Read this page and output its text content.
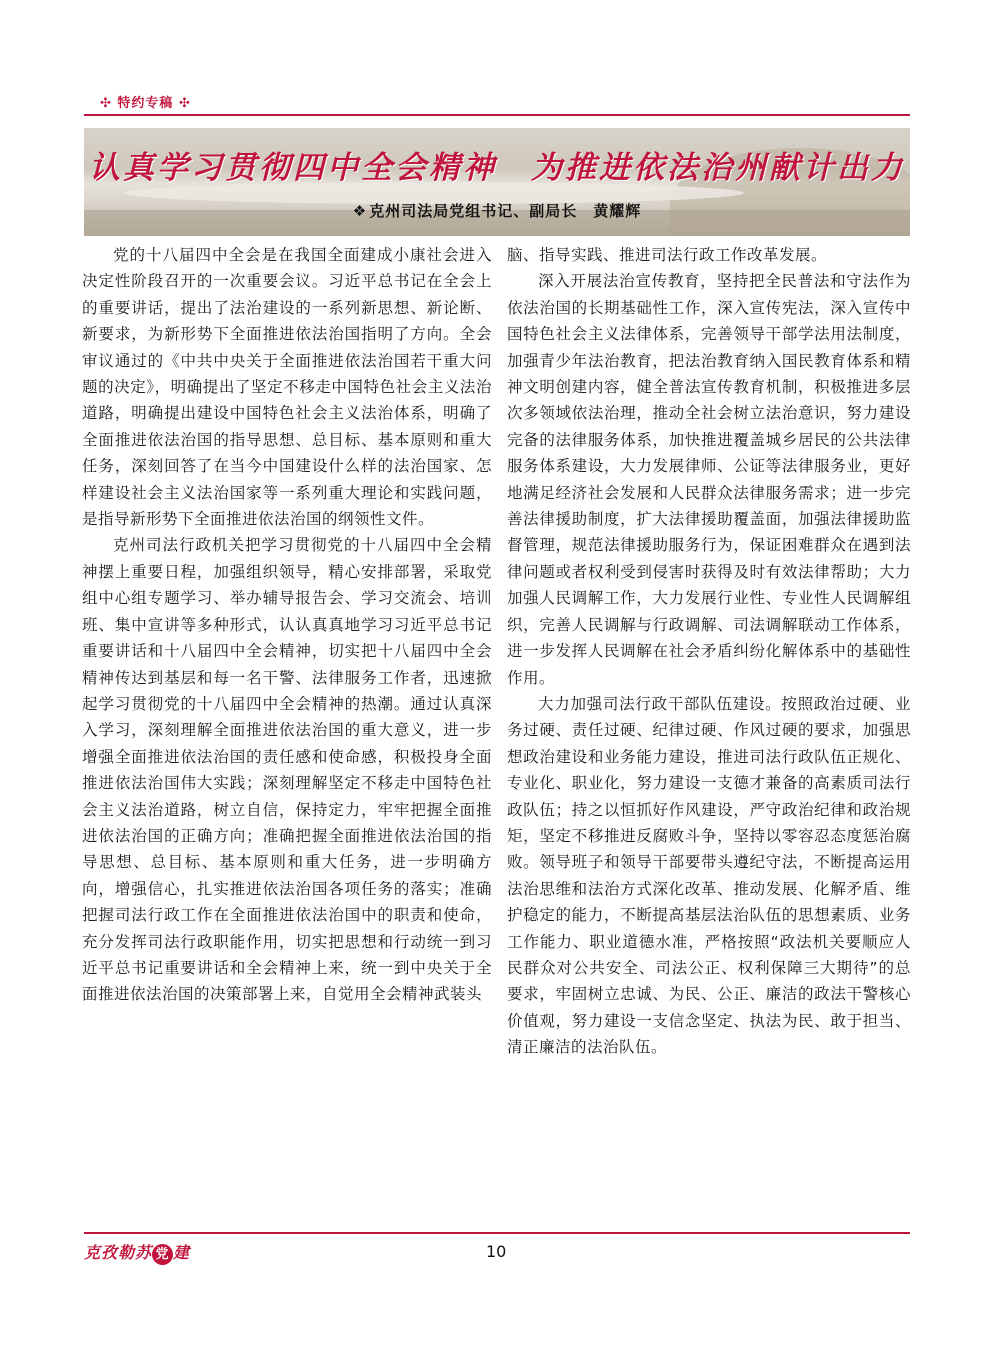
✣ 特约专稿 ✣
认真学习贯彻四中全会精神　为推进依法治州献计出力
❖ 克州司法局党组书记、副局长　黄耀辉

党的十八届四中全会是在我国全面建成小康社会进入决定性阶段召开的一次重要会议。习近平总书记在全会上的重要讲话，提出了法治建设的一系列新思想、新论断、新要求，为新形势下全面推进依法治国指明了方向。全会审议通过的《中共中央关于全面推进依法治国若干重大问题的决定》，明确提出了坚定不移走中国特色社会主义法治道路，明确提出建设中国特色社会主义法治体系，明确了全面推进依法治国的指导思想、总目标、基本原则和重大任务，深刻回答了在当今中国建设什么样的法治国家、怎样建设社会主义法治国家等一系列重大理论和实践问题，是指导新形势下全面推进依法治国的纲领性文件。

克州司法行政机关把学习贯彻党的十八届四中全会精神摆上重要日程，加强组织领导，精心安排部署，采取党组中心组专题学习、举办辅导报告会、学习交流会、培训班、集中宣讲等多种形式，认认真真地学习习近平总书记重要讲话和十八届四中全会精神，切实把十八届四中全会精神传达到基层和每一名干警、法律服务工作者，迅速掀起学习贯彻党的十八届四中全会精神的热潮。通过认真深入学习，深刻理解全面推进依法治国的重大意义，进一步增强全面推进依法治国的责任感和使命感，积极投身全面推进依法治国伟大实践；深刻理解坚定不移走中国特色社会主义法治道路，树立自信，保持定力，牢牢把握全面推进依法治国的正确方向；准确把握全面推进依法治国的指导思想、总目标、基本原则和重大任务，进一步明确方向，增强信心，扎实推进依法治国各项任务的落实；准确把握司法行政工作在全面推进依法治国中的职责和使命，充分发挥司法行政职能作用，切实把思想和行动统一到习近平总书记重要讲话和全会精神上来，统一到中央关于全面推进依法治国的决策部署上来，自觉用全会精神武装头

脑、指导实践、推进司法行政工作改革发展。

深入开展法治宣传教育，坚持把全民普法和守法作为依法治国的长期基础性工作，深入宣传宪法，深入宣传中国特色社会主义法律体系，完善领导干部学法用法制度，加强青少年法治教育，把法治教育纳入国民教育体系和精神文明创建内容，健全普法宣传教育机制，积极推进多层次多领域依法治理，推动全社会树立法治意识，努力建设完备的法律服务体系，加快推进覆盖城乡居民的公共法律服务体系建设，大力发展律师、公证等法律服务业，更好地满足经济社会发展和人民群众法律服务需求；进一步完善法律援助制度，扩大法律援助覆盖面，加强法律援助监督管理，规范法律援助服务行为，保证困难群众在遇到法律问题或者权利受到侵害时获得及时有效法律帮助；大力加强人民调解工作，大力发展行业性、专业性人民调解组织，完善人民调解与行政调解、司法调解联动工作体系，进一步发挥人民调解在社会矛盾纠纷化解体系中的基础性作用。

大力加强司法行政干部队伍建设。按照政治过硬、业务过硬、责任过硬、纪律过硬、作风过硬的要求，加强思想政治建设和业务能力建设，推进司法行政队伍正规化、专业化、职业化，努力建设一支德才兼备的高素质司法行政队伍；持之以恒抓好作风建设，严守政治纪律和政治规矩，坚定不移推进反腐败斗争，坚持以零容忍态度惩治腐败。领导班子和领导干部要带头遵纪守法，不断提高运用法治思维和法治方式深化改革、推动发展、化解矛盾、维护稳定的能力，不断提高基层法治队伍的思想素质、业务工作能力、职业道德水准，严格按照“政法机关要顺应人民群众对公共安全、司法公正、权利保障三大期待”的总要求，牢固树立忠诚、为民、公正、廉洁的政法干警核心价值观，努力建设一支信念坚定、执法为民、敢于担当、清正廉洁的法治队伍。

克孜勒苏 党 建	10
